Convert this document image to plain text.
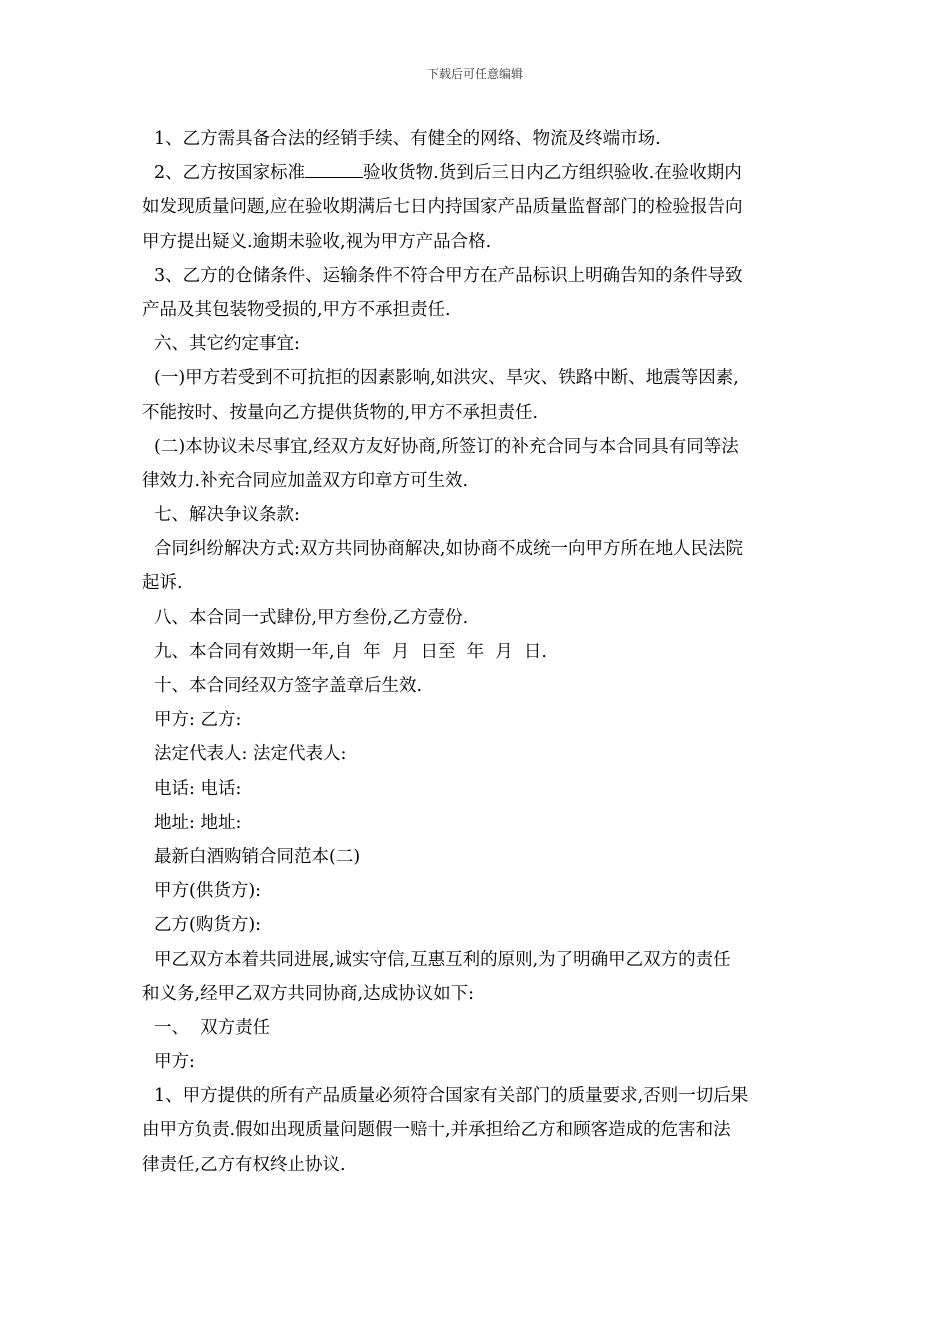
下载后可任意编辑
1、乙方需具备合法的经销手续、有健全的网络、物流及终端市场.
2、乙方按国家标准	验收货物.货到后三日内乙方组织验收.在验收期内
如发现质量问题,应在验收期满后七日内持国家产品质量监督部门的检验报告向
甲方提出疑义.逾期未验收,视为甲方产品合格.
3、乙方的仓储条件、运输条件不符合甲方在产品标识上明确告知的条件导致
产品及其包装物受损的,甲方不承担责任.
六、其它约定事宜:
(一)甲方若受到不可抗拒的因素影响,如洪灾、旱灾、铁路中断、地震等因素,
不能按时、按量向乙方提供货物的,甲方不承担责任.
(二)本协议未尽事宜,经双方友好协商,所签订的补充合同与本合同具有同等法
律效力.补充合同应加盖双方印章方可生效.
七、解决争议条款:
合同纠纷解决方式:双方共同协商解决,如协商不成统一向甲方所在地人民法院
起诉.
八、本合同一式肆份,甲方叁份,乙方壹份.
九、本合同有效期一年,自  年  月  日至  年  月  日.
十、本合同经双方签字盖章后生效.
甲方: 乙方:
法定代表人: 法定代表人:
电话: 电话:
地址: 地址:
最新白酒购销合同范本(二)
甲方(供货方):
乙方(购货方):
甲乙双方本着共同进展,诚实守信,互惠互利的原则,为了明确甲乙双方的责任
和义务,经甲乙双方共同协商,达成协议如下:
一、  双方责任
甲方:
1、甲方提供的所有产品质量必须符合国家有关部门的质量要求,否则一切后果
由甲方负责.假如出现质量问题假一赔十,并承担给乙方和顾客造成的危害和法
律责任,乙方有权终止协议.
